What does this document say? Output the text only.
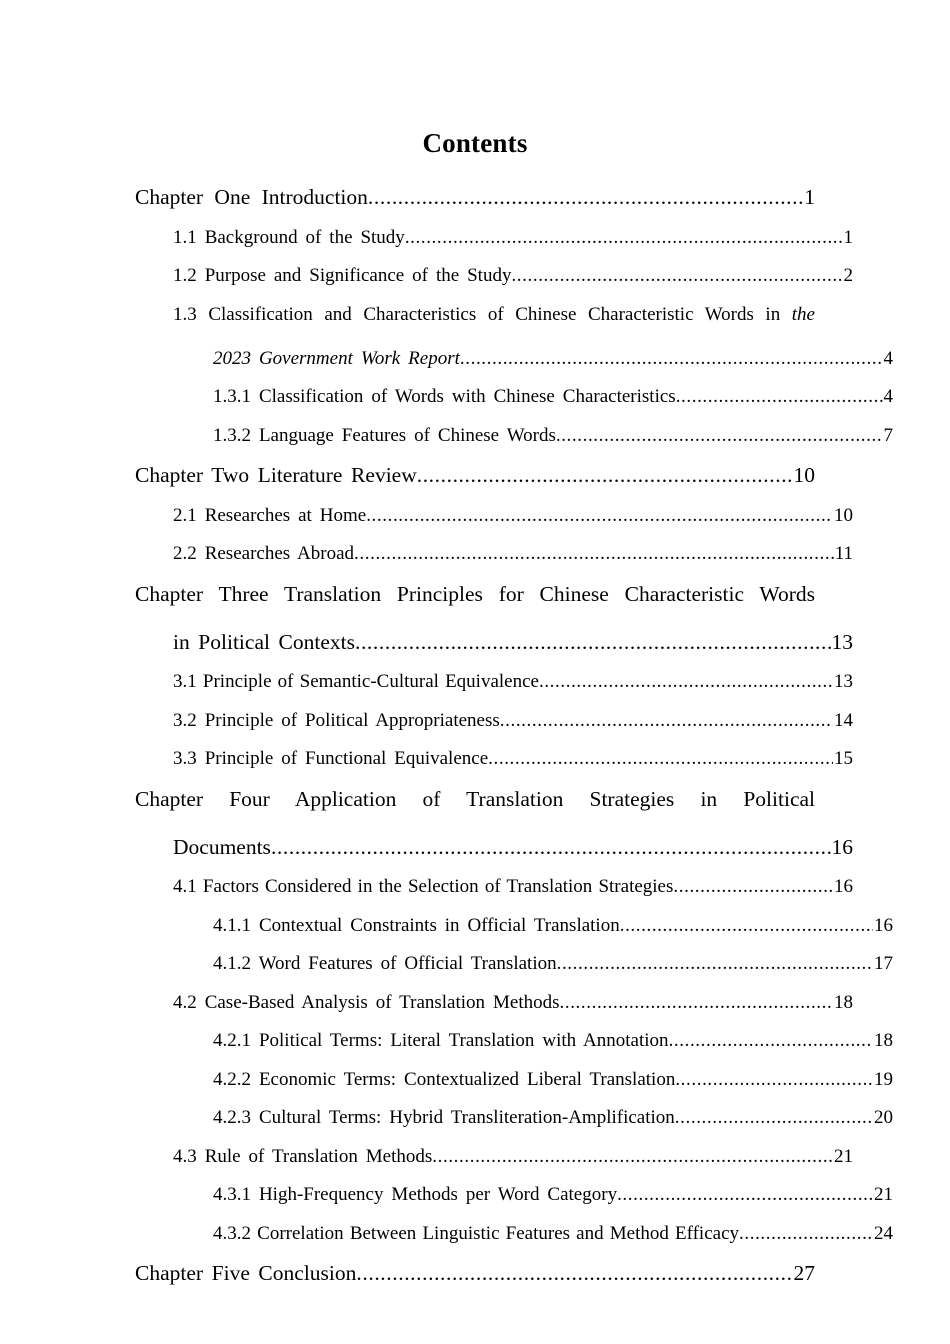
Contents
Chapter One Introduction .....	1
1.1 Background of the Study .....	1
1.2 Purpose and Significance of the Study .....	2
1.3 Classification and Characteristics of Chinese Characteristic Words in the
2023 Government Work Report .....	4
1.3.1 Classification of Words with Chinese Characteristics .....	4
1.3.2 Language Features of Chinese Words .....	7
Chapter Two Literature Review .....	10
2.1 Researches at Home .....	10
2.2 Researches Abroad .....	11
Chapter Three Translation Principles for Chinese Characteristic Words
in Political Contexts .....	13
3.1 Principle of Semantic-Cultural Equivalence .....	13
3.2 Principle of Political Appropriateness .....	14
3.3 Principle of Functional Equivalence .....	15
Chapter Four Application of Translation Strategies in Political
Documents .....	16
4.1 Factors Considered in the Selection of Translation Strategies .....	16
4.1.1 Contextual Constraints in Official Translation .....	16
4.1.2 Word Features of Official Translation .....	17
4.2 Case-Based Analysis of Translation Methods .....	18
4.2.1 Political Terms: Literal Translation with Annotation .....	18
4.2.2 Economic Terms: Contextualized Liberal Translation .....	19
4.2.3 Cultural Terms: Hybrid Transliteration-Amplification .....	20
4.3 Rule of Translation Methods .....	21
4.3.1 High-Frequency Methods per Word Category .....	21
4.3.2 Correlation Between Linguistic Features and Method Efficacy .....	24
Chapter Five Conclusion .....	27
